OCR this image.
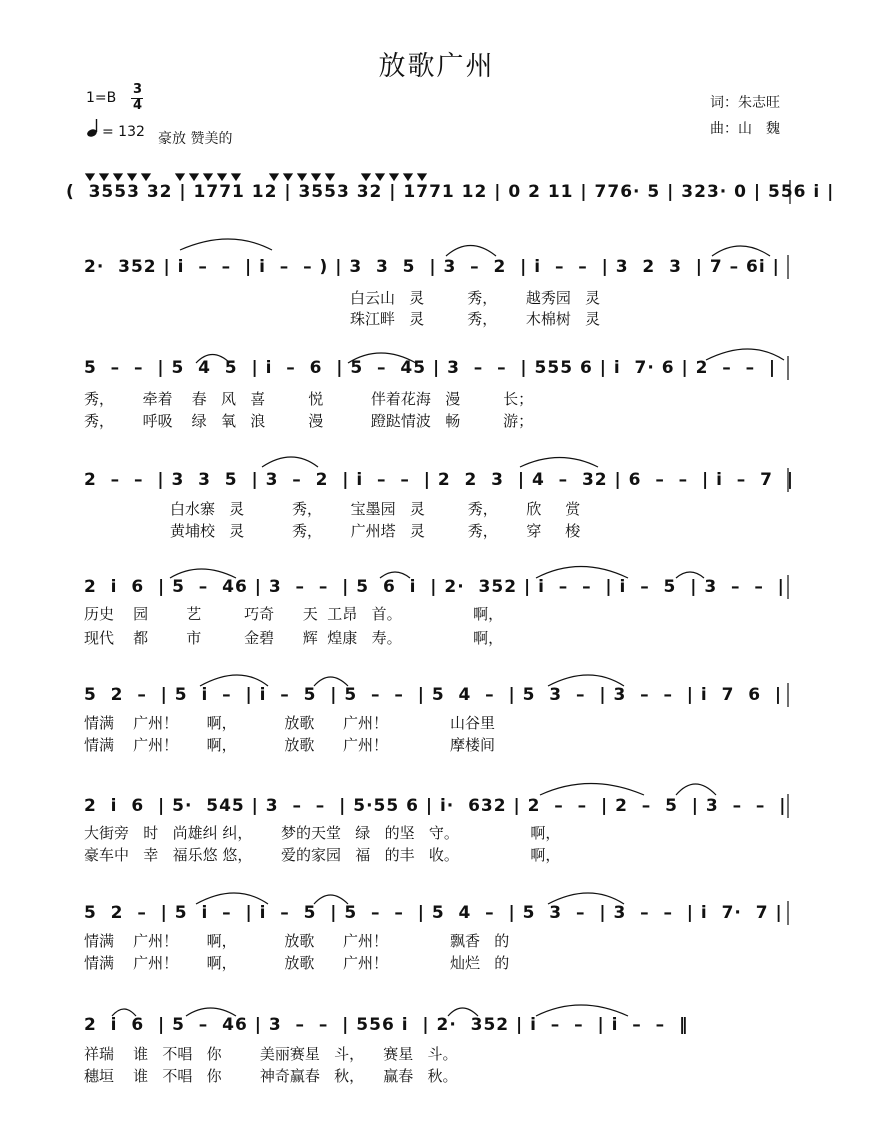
放歌广州
1=B
3
4
= 132 豪放 赞美的
词：朱志旺
曲：山　魏
(  3553 32 | 1771 12 | 3553 32 | 1771 12 | 0 2 11 | 776· 5 | 323· 0 | 556 i |
2·  352 | i  –  –  | i  –  – ) | 3  3  5  | 3  –  2  | i  –  –  | 3  2  3  | 7 – 6i |
白云山   灵         秀，      越秀园   灵
珠江畔   灵         秀，      木棉树   灵
5  –  –  | 5  4  5  | i  –  6  | 5  –  45 | 3  –  –  | 555 6 | i  7· 6 | 2  –  –  |
秀，      牵着    春   风   喜         悦          伴着花海   漫         长；
秀，      呼吸    绿   氧   浪         漫          蹬跶情波   畅         游；
2  –  –  | 3  3  5  | 3  –  2  | i  –  –  | 2  2  3  | 4  –  32 | 6  –  –  | i  –  7  |
白水寨   灵          秀，      宝墨园   灵         秀，      欣     赏
黄埔校   灵          秀，      广州塔   灵         秀，      穿     梭
2  i  6  | 5  –  46 | 3  –  –  | 5  6  i  | 2·  352 | i  –  –  | i  –  5  | 3  –  –  |
历史    园        艺         巧奇      天  工昂   首。               啊，
现代    都        市         金碧      辉  煌康   寿。               啊，
5  2  –  | 5  i  –  | i  –  5  | 5  –  –  | 5  4  –  | 5  3  –  | 3  –  –  | i  7  6  |
情满    广州！      啊，          放歌      广州！             山谷里
情满    广州！      啊，          放歌      广州！             摩楼间
2  i  6  | 5·  545 | 3  –  –  | 5·55 6 | i·  632 | 2  –  –  | 2  –  5  | 3  –  –  |
大街旁   时   尚雄纠 纠，      梦的天堂   绿   的坚   守。               啊，
豪车中   幸   福乐悠 悠，      爱的家园   福   的丰   收。               啊，
5  2  –  | 5  i  –  | i  –  5  | 5  –  –  | 5  4  –  | 5  3  –  | 3  –  –  | i  7·  7 |
情满    广州！      啊，          放歌      广州！             飘香   的
情满    广州！      啊，          放歌      广州！             灿烂   的
2  i  6  | 5  –  46 | 3  –  –  | 556 i  | 2·  352 | i  –  –  | i  –  –  ‖
祥瑞    谁   不唱   你        美丽赛星   斗，    赛星   斗。
穗垣    谁   不唱   你        神奇赢春   秋，    赢春   秋。
